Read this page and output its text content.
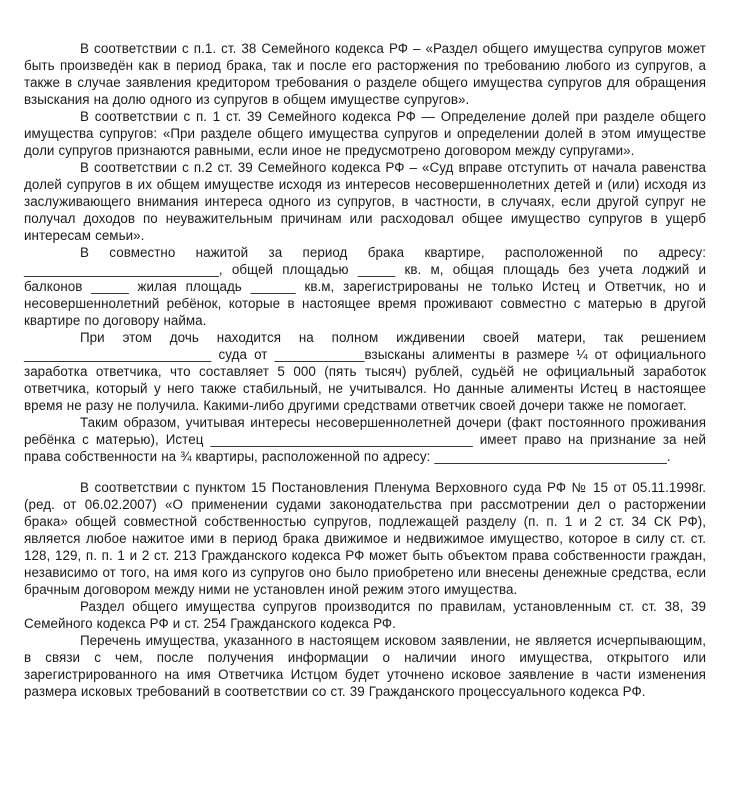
В соответствии с п.1. ст. 38 Семейного кодекса РФ – «Раздел общего имущества супругов может быть произведён как в период брака, так и после его расторжения по требованию любого из супругов, а также в случае заявления кредитором требования о разделе общего имущества супругов для обращения взыскания на долю одного из супругов в общем имуществе супругов».

В соответствии с п. 1 ст. 39 Семейного кодекса РФ — Определение долей при разделе общего имущества супругов: «При разделе общего имущества супругов и определении долей в этом имуществе доли супругов признаются равными, если иное не предусмотрено договором между супругами».

В соответствии с п.2 ст. 39 Семейного кодекса РФ – «Суд вправе отступить от начала равенства долей супругов в их общем имуществе исходя из интересов несовершеннолетних детей и (или) исходя из заслуживающего внимания интереса одного из супругов, в частности, в случаях, если другой супруг не получал доходов по неуважительным причинам или расходовал общее имущество супругов в ущерб интересам семьи».

В совместно нажитой за период брака квартире, расположенной по адресу: __________________________, общей площадью _____ кв. м, общая площадь без учета лоджий и балконов _____ жилая площадь ______ кв.м, зарегистрированы не только Истец и Ответчик, но и несовершеннолетний ребёнок, которые в настоящее время проживают совместно с матерью в другой квартире по договору найма.

При этом дочь находится на полном иждивении своей матери, так решением _________________________ суда от ____________взысканы алименты в размере ¼ от официального заработка ответчика, что составляет 5 000 (пять тысяч) рублей, судьёй не официальный заработок ответчика, который у него также стабильный, не учитывался. Но данные алименты Истец в настоящее время не разу не получила. Какими-либо другими средствами ответчик своей дочери также не помогает.

Таким образом, учитывая интересы несовершеннолетней дочери (факт постоянного проживания ребёнка с матерью), Истец ___________________________________ имеет право на признание за ней права собственности на ¾ квартиры, расположенной по адресу: _______________________________.

В соответствии с пунктом 15 Постановления Пленума Верховного суда РФ № 15 от 05.11.1998г. (ред. от 06.02.2007) «О применении судами законодательства при рассмотрении дел о расторжении брака» общей совместной собственностью супругов, подлежащей разделу (п. п. 1 и 2 ст. 34 СК РФ), является любое нажитое ими в период брака движимое и недвижимое имущество, которое в силу ст. ст. 128, 129, п. п. 1 и 2 ст. 213 Гражданского кодекса РФ может быть объектом права собственности граждан, независимо от того, на имя кого из супругов оно было приобретено или внесены денежные средства, если брачным договором между ними не установлен иной режим этого имущества.

Раздел общего имущества супругов производится по правилам, установленным ст. ст. 38, 39 Семейного кодекса РФ и ст. 254 Гражданского кодекса РФ.

Перечень имущества, указанного в настоящем исковом заявлении, не является исчерпывающим, в связи с чем, после получения информации о наличии иного имущества, открытого или зарегистрированного на имя Ответчика Истцом будет уточнено исковое заявление в части изменения размера исковых требований в соответствии со ст. 39 Гражданского процессуального кодекса РФ.
